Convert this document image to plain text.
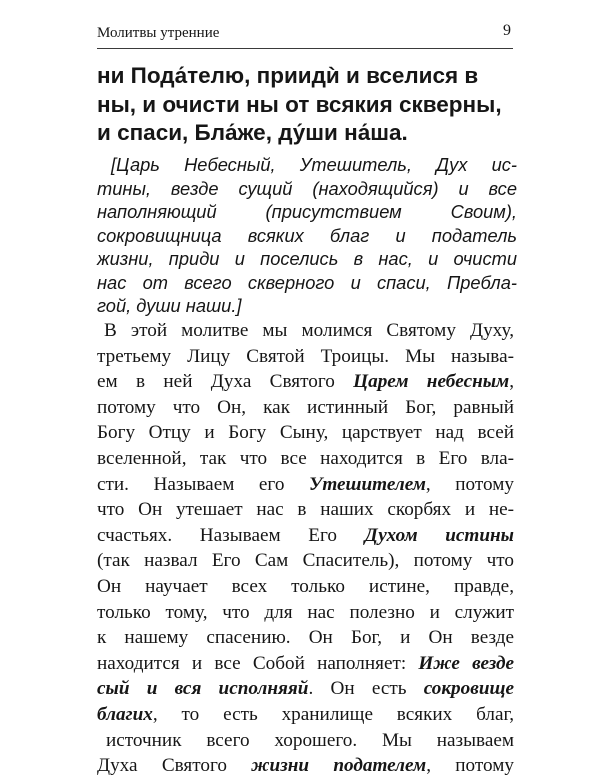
Молитвы утренние	9
ни Пода́телю, приидѝ и вселися в
ны, и очисти ны от всякия скверны,
и спаси, Бла́же, ду́ши на́ша.
[Царь Небесный, Утешитель, Дух ис-
тины, везде сущий (находящийся) и все
наполняющий (присутствием Своим),
сокровищница всяких благ и податель
жизни, приди и поселись в нас, и очисти
нас от всего скверного и спаси, Пребла-
гой, души наши.]
В этой молитве мы молимся Святому Духу,
третьему Лицу Святой Троицы. Мы называ-
ем в ней Духа Святого Царем небесным,
потому что Он, как истинный Бог, равный
Богу Отцу и Богу Сыну, царствует над всей
вселенной, так что все находится в Его вла-
сти. Называем его Утешителем, потому
что Он утешает нас в наших скорбях и не-
счастьях. Называем Его Духом истины
(так назвал Его Сам Спаситель), потому что
Он научает всех только истине, правде,
только тому, что для нас полезно и служит
к нашему спасению. Он Бог, и Он везде
находится и все Собой наполняет: Иже везде
сый и вся исполняяй. Он есть сокровище
благих, то есть хранилище всяких благ,
источник всего хорошего. Мы называем
Духа Святого жизни подателем, потому
